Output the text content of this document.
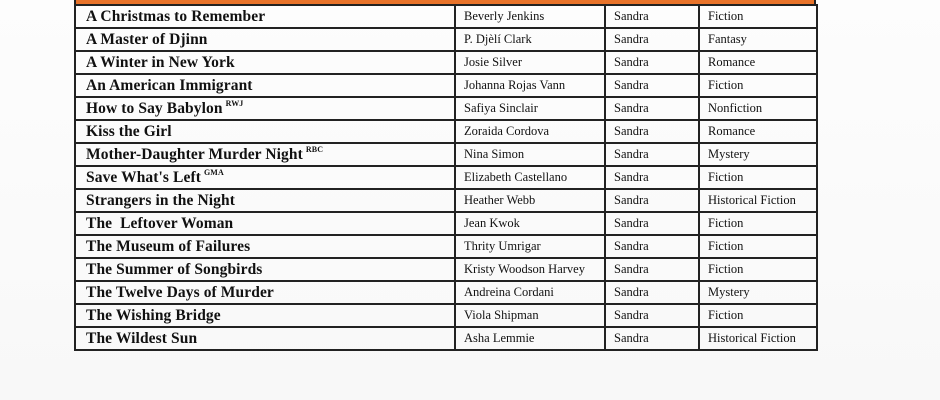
A Christmas to Remember	Beverly Jenkins	Sandra	Fiction
A Master of Djinn	P. Djèlí Clark	Sandra	Fantasy
A Winter in New York	Josie Silver	Sandra	Romance
An American Immigrant	Johanna Rojas Vann	Sandra	Fiction
How to Say Babylon $^{RWJ}$	Safiya Sinclair	Sandra	Nonfiction
Kiss the Girl	Zoraida Cordova	Sandra	Romance
Mother-Daughter Murder Night $^{RBC}$	Nina Simon	Sandra	Mystery
Save What's Left $^{GMA}$	Elizabeth Castellano	Sandra	Fiction
Strangers in the Night	Heather Webb	Sandra	Historical Fiction
The  Leftover Woman	Jean Kwok	Sandra	Fiction
The Museum of Failures	Thrity Umrigar	Sandra	Fiction
The Summer of Songbirds	Kristy Woodson Harvey	Sandra	Fiction
The Twelve Days of Murder	Andreina Cordani	Sandra	Mystery
The Wishing Bridge	Viola Shipman	Sandra	Fiction
The Wildest Sun	Asha Lemmie	Sandra	Historical Fiction
